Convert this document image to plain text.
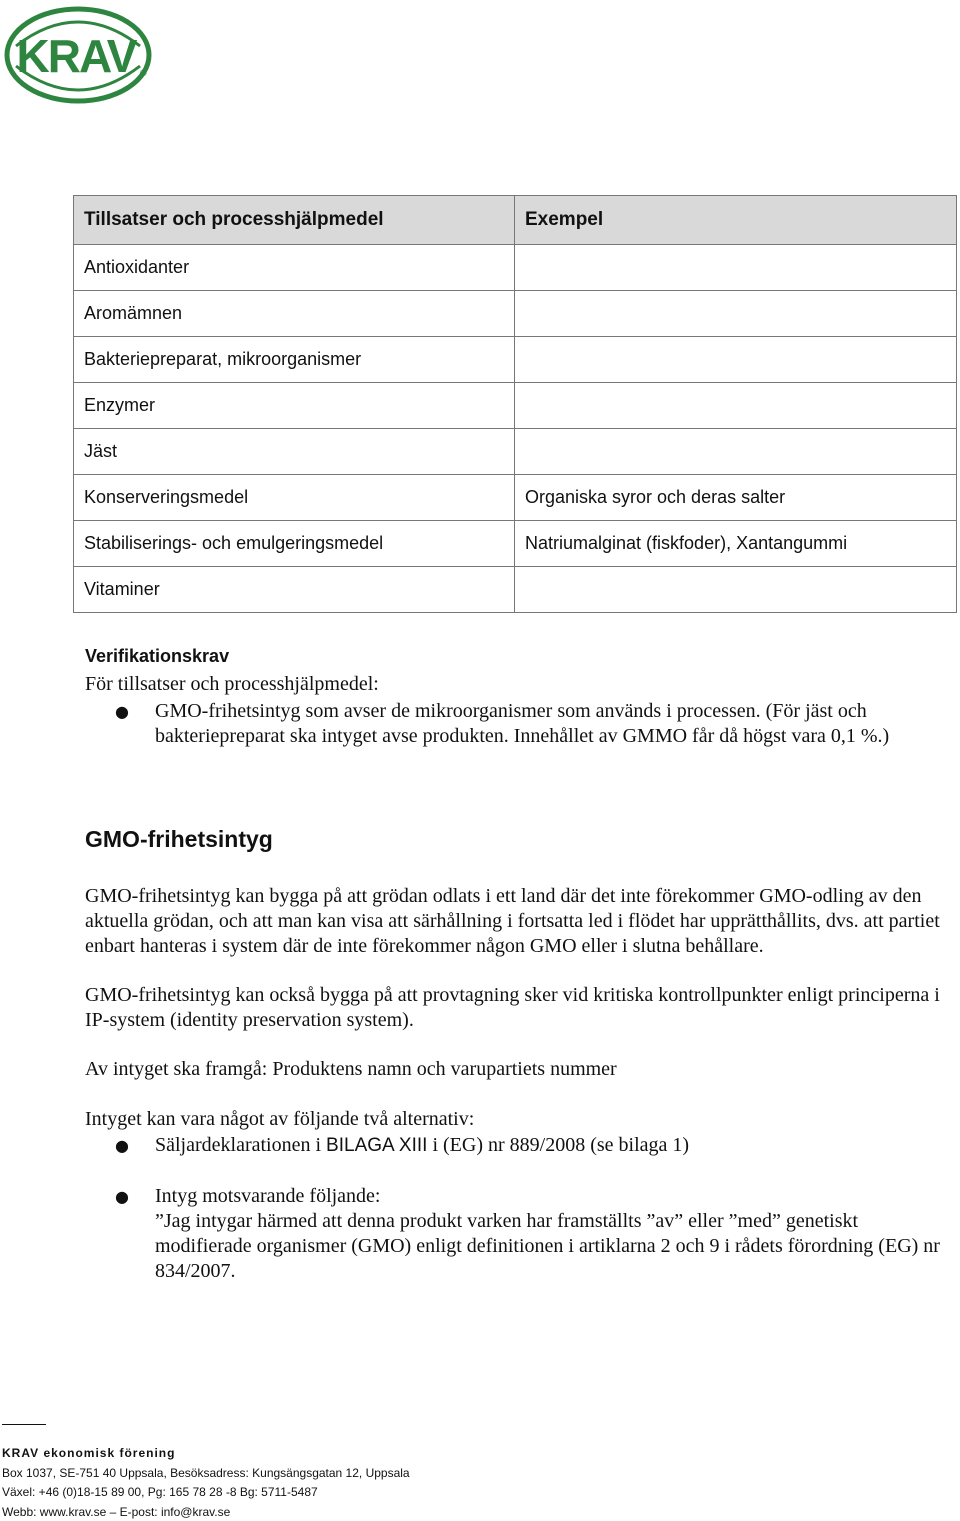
KRAV ®
Tillsatser och processhjälpmedel	Exempel
Antioxidanter	
Aromämnen	
Bakteriepreparat, mikroorganismer	
Enzymer	
Jäst	
Konserveringsmedel	Organiska syror och deras salter
Stabiliserings- och emulgeringsmedel	Natriumalginat (fiskfoder), Xantangummi
Vitaminer	
Verifikationskrav
För tillsatser och processhjälpmedel:
● GMO-frihetsintyg som avser de mikroorganismer som används i processen. (För jäst och bakteriepreparat ska intyget avse produkten. Innehållet av GMMO får då högst vara 0,1 %.)
GMO-frihetsintyg
GMO-frihetsintyg kan bygga på att grödan odlats i ett land där det inte förekommer GMO-odling av den aktuella grödan, och att man kan visa att särhållning i fortsatta led i flödet har upprätthållits, dvs. att partiet enbart hanteras i system där de inte förekommer någon GMO eller i slutna behållare.
GMO-frihetsintyg kan också bygga på att provtagning sker vid kritiska kontrollpunkter enligt principerna i IP-system (identity preservation system).
Av intyget ska framgå: Produktens namn och varupartiets nummer
Intyget kan vara något av följande två alternativ:
● Säljardeklarationen i BILAGA XIII i (EG) nr 889/2008 (se bilaga 1)
● Intyg motsvarande följande:
”Jag intygar härmed att denna produkt varken har framställts ”av” eller ”med” genetiskt modifierade organismer (GMO) enligt definitionen i artiklarna 2 och 9 i rådets förordning (EG) nr 834/2007.
KRAV ekonomisk förening
Box 1037, SE-751 40 Uppsala, Besöksadress: Kungsängsgatan 12, Uppsala
Växel: +46 (0)18-15 89 00, Pg: 165 78 28 -8 Bg: 5711-5487
Webb: www.krav.se – E-post: info@krav.se
